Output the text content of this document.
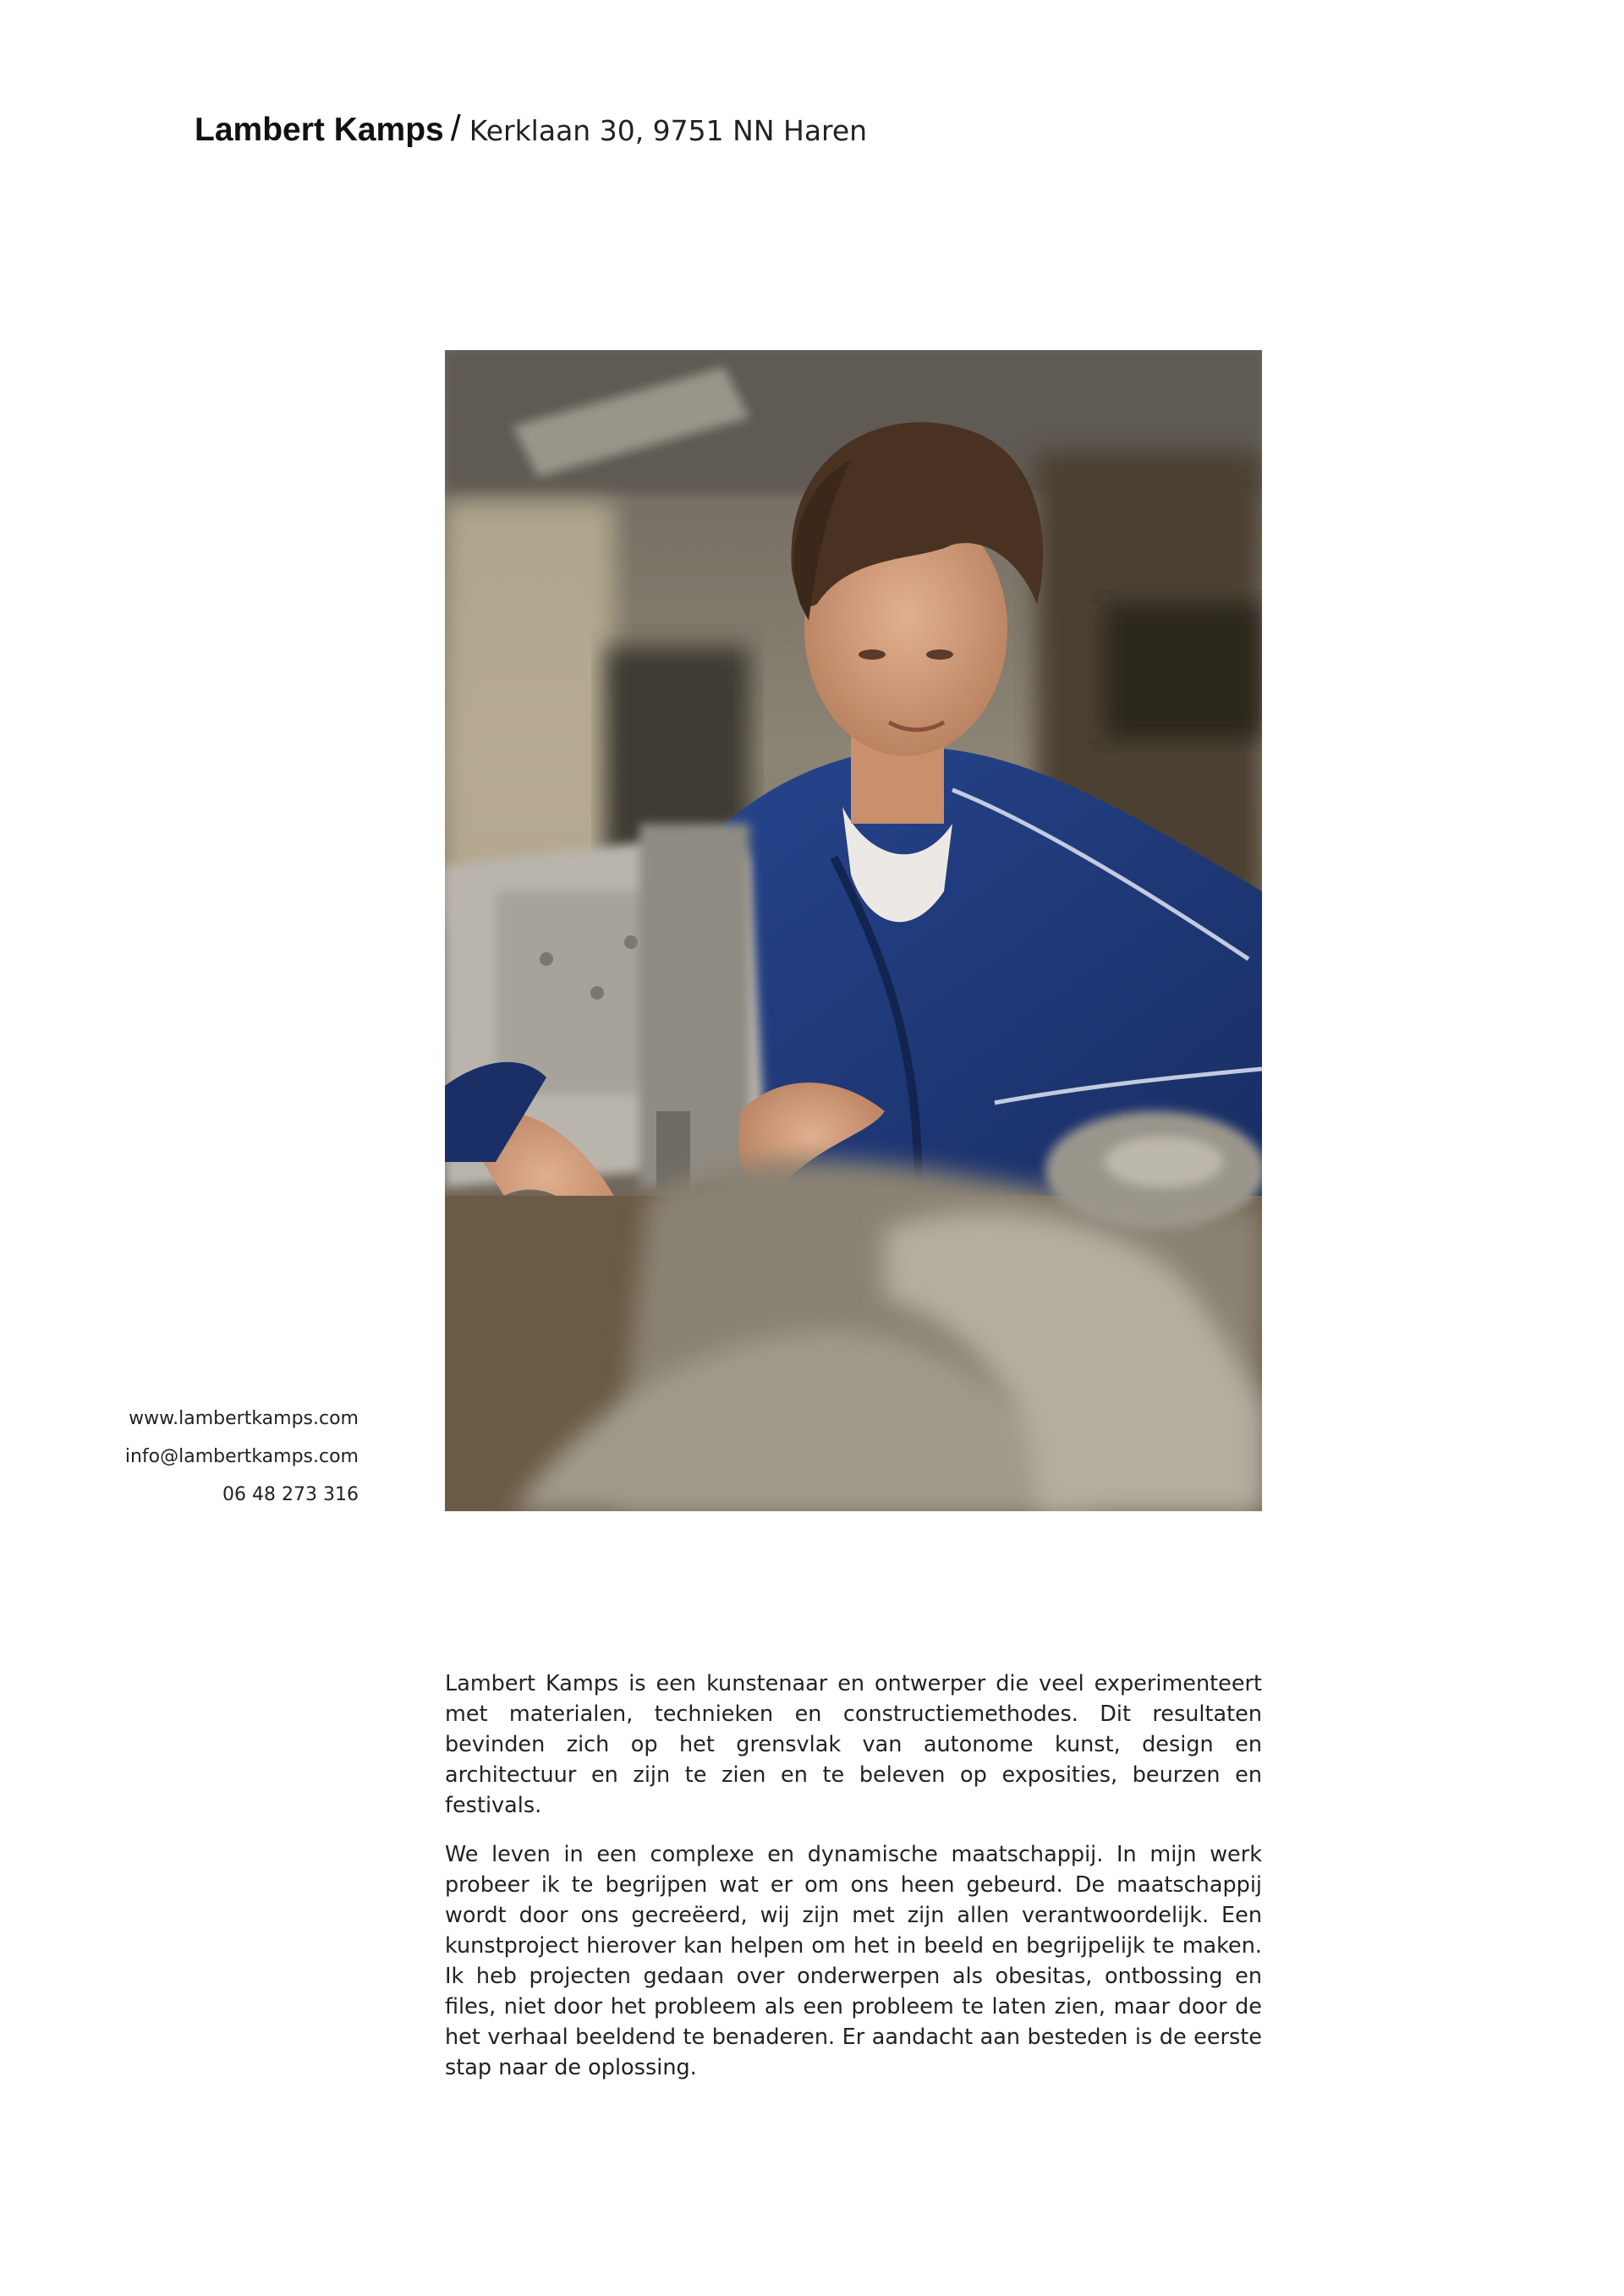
Lambert Kamps / Kerklaan 30, 9751 NN Haren
www.lambertkamps.com
info@lambertkamps.com
06 48 273 316

Lambert Kamps is een kunstenaar en ontwerper die veel experimenteert met materialen, technieken en constructiemethodes. Dit resultaten bevinden zich op het grensvlak van autonome kunst, design en architectuur en zijn te zien en te beleven op exposities, beurzen en festivals.

We leven in een complexe en dynamische maatschappij. In mijn werk probeer ik te begrijpen wat er om ons heen gebeurd. De maatschappij wordt door ons gecreëerd, wij zijn met zijn allen verantwoordelijk. Een kunstproject hierover kan helpen om het in beeld en begrijpelijk te maken. Ik heb projecten gedaan over onderwerpen als obesitas, ontbossing en files, niet door het probleem als een probleem te laten zien, maar door de het verhaal beeldend te benaderen. Er aandacht aan besteden is de eerste stap naar de oplossing.
